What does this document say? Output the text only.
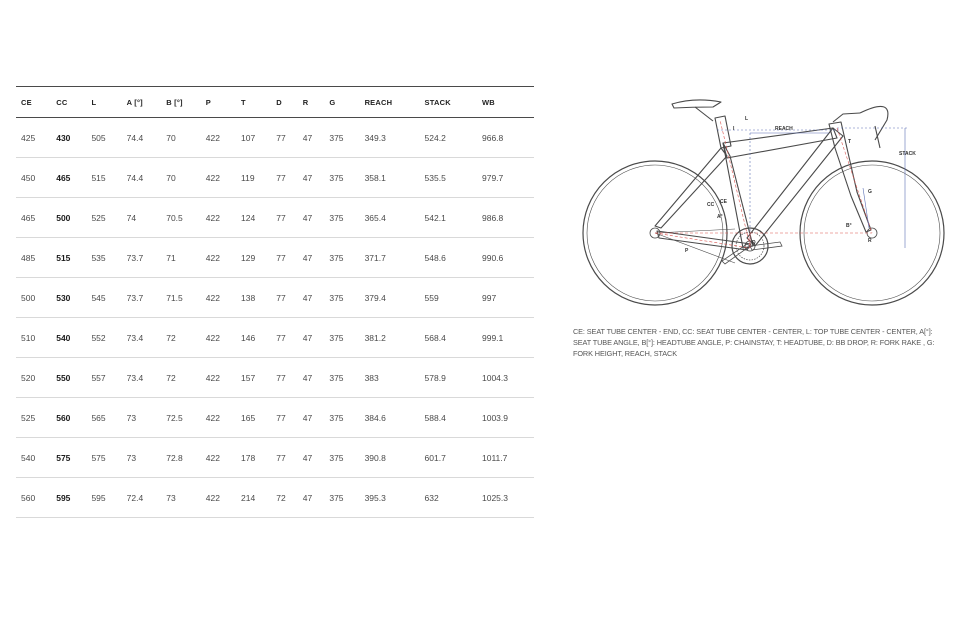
CE	CC	L	A [°]	B [°]	P	T	D	R	G	REACH	STACK	WB
425	430	505	74.4	70	422	107	77	47	375	349.3	524.2	966.8
450	465	515	74.4	70	422	119	77	47	375	358.1	535.5	979.7
465	500	525	74	70.5	422	124	77	47	375	365.4	542.1	986.8
485	515	535	73.7	71	422	129	77	47	375	371.7	548.6	990.6
500	530	545	73.7	71.5	422	138	77	47	375	379.4	559	997
510	540	552	73.4	72	422	146	77	47	375	381.2	568.4	999.1
520	550	557	73.4	72	422	157	77	47	375	383	578.9	1004.3
525	560	565	73	72.5	422	165	77	47	375	384.6	588.4	1003.9
540	575	575	73	72.8	422	178	77	47	375	390.8	601.7	1011.7
560	595	595	72.4	73	422	214	72	47	375	395.3	632	1025.3
L
I	REACH
STACK
T
G
CC CE
A°
B°
D
P
R
CE: SEAT TUBE CENTER - END, CC: SEAT TUBE CENTER - CENTER, L: TOP TUBE CENTER - CENTER, A[°]: SEAT TUBE ANGLE, B[°]: HEADTUBE ANGLE, P: CHAINSTAY, T: HEADTUBE, D: BB DROP, R: FORK RAKE , G: FORK HEIGHT, REACH, STACK
